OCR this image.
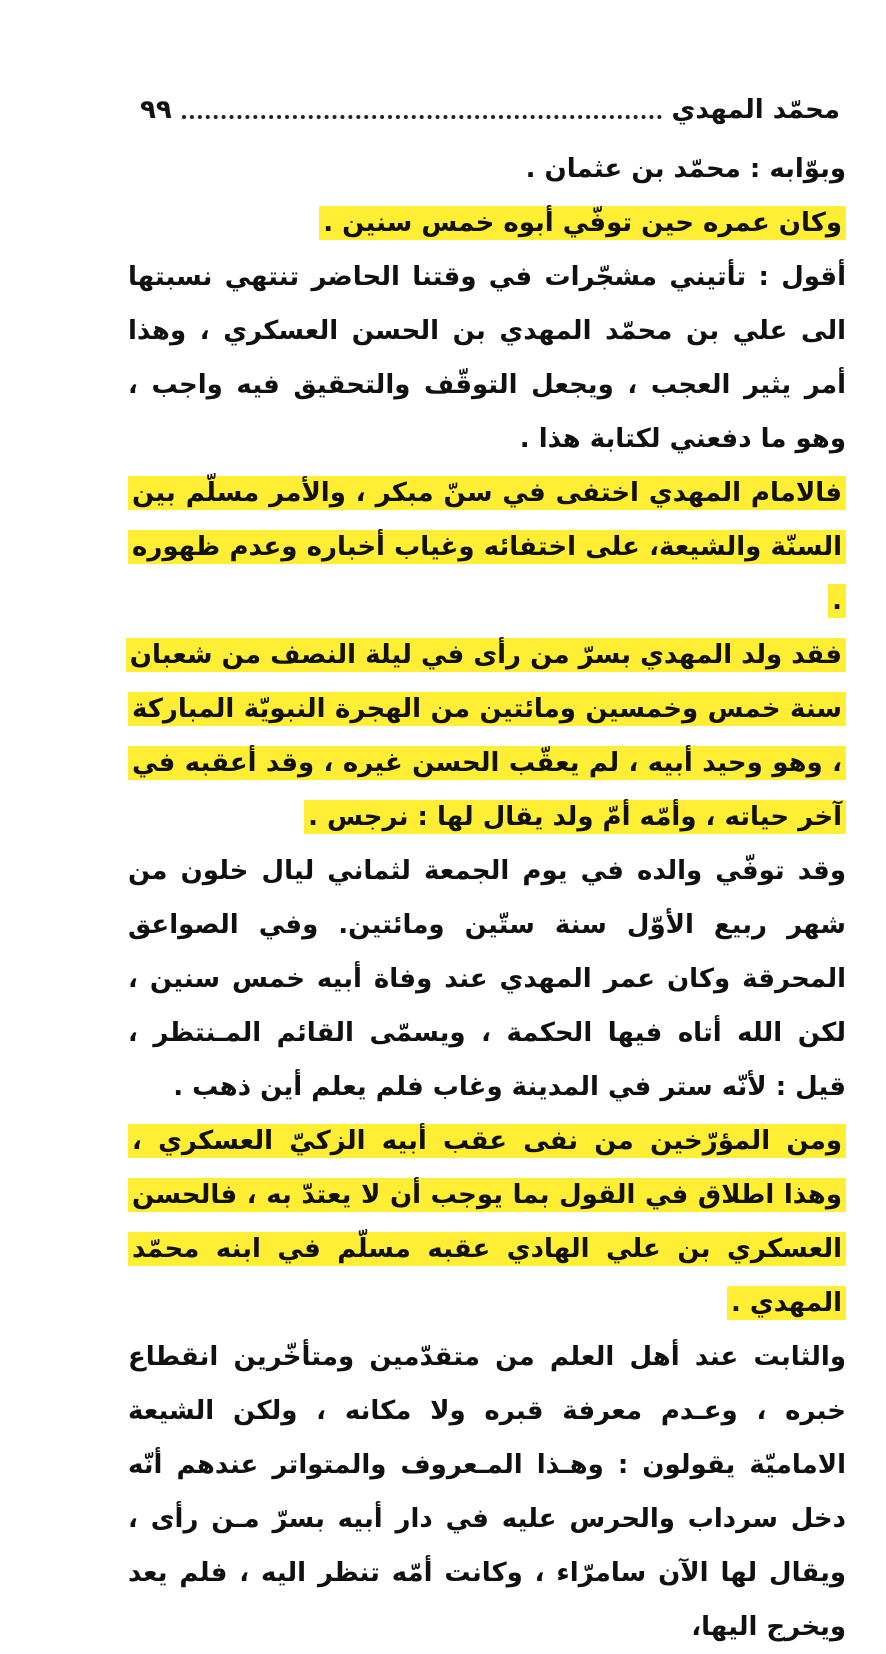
محمّد المهدي
٩٩

وبوّابه : محمّد بن عثمان .

وكان عمره حين توفّي أبوه خمس سنين .

أقول : تأتيني مشجّرات في وقتنا الحاضر تنتهي نسبتها الى علي بن محمّد المهدي بن الحسن العسكري ، وهذا أمر يثير العجب ، ويجعل التوقّف والتحقيق فيه واجب ، وهو ما دفعني لكتابة هذا .

فالامام المهدي اختفى في سنّ مبكر ، والأمر مسلّم بين السنّة والشيعة، على اختفائه وغياب أخباره وعدم ظهوره .

فقد ولد المهدي بسرّ من رأى في ليلة النصف من شعبان سنة خمس وخمسين ومائتين من الهجرة النبويّة المباركة ، وهو وحيد أبيه ، لم يعقّب الحسن غيره ، وقد أعقبه في آخر حياته ، وأمّه أمّ ولد يقال لها : نرجس .

وقد توفّي والده في يوم الجمعة لثماني ليال خلون من شهر ربيع الأوّل سنة ستّين ومائتين. وفي الصواعق المحرقة وكان عمر المهدي عند وفاة أبيه خمس سنين ، لكن الله أتاه فيها الحكمة ، ويسمّى القائم المـنتظر ، قيل : لأنّه ستر في المدينة وغاب فلم يعلم أين ذهب .

ومن المؤرّخين من نفى عقب أبيه الزكيّ العسكري ، وهذا اطلاق في القول بما يوجب أن لا يعتدّ به ، فالحسن العسكري بن علي الهادي عقبه مسلّم في ابنه محمّد المهدي .

والثابت عند أهل العلم من متقدّمين ومتأخّرين انقطاع خبره ، وعـدم معرفة قبره ولا مكانه ، ولكن الشيعة الاماميّة يقولون : وهـذا المـعروف والمتواتر عندهم أنّه دخل سرداب والحرس عليه في دار أبيه بسرّ مـن رأى ، ويقال لها الآن سامرّاء ، وكانت أمّه تنظر اليه ، فلم يعد ويخرج اليها،
